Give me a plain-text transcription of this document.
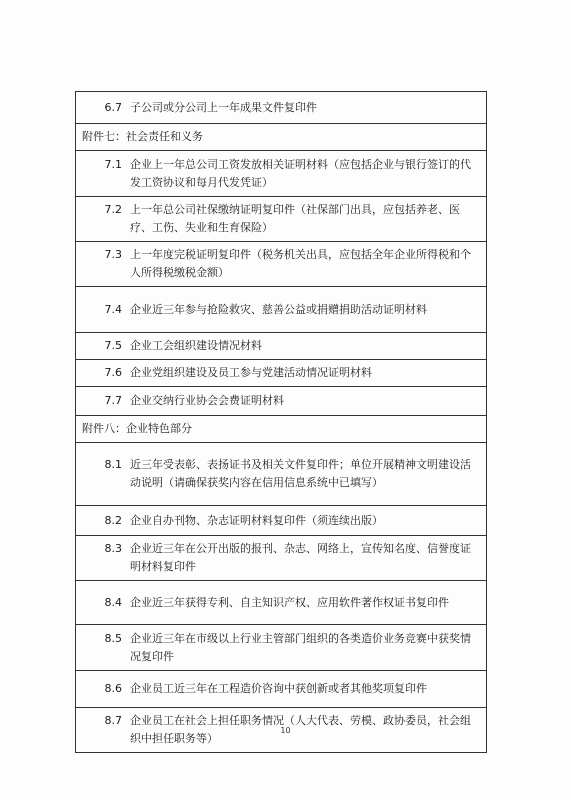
6.7 子公司或分公司上一年成果文件复印件

附件七：社会责任和义务

7.1 企业上一年总公司工资发放相关证明材料（应包括企业与银行签订的代发工资协议和每月代发凭证）

7.2 上一年总公司社保缴纳证明复印件（社保部门出具，应包括养老、医疗、工伤、失业和生育保险）

7.3 上一年度完税证明复印件（税务机关出具，应包括全年企业所得税和个人所得税缴税金额）

7.4 企业近三年参与抢险救灾、慈善公益或捐赠捐助活动证明材料

7.5 企业工会组织建设情况材料

7.6 企业党组织建设及员工参与党建活动情况证明材料

7.7 企业交纳行业协会会费证明材料

附件八：企业特色部分

8.1 近三年受表彰、表扬证书及相关文件复印件；单位开展精神文明建设活动说明（请确保获奖内容在信用信息系统中已填写）

8.2 企业自办刊物、杂志证明材料复印件（须连续出版）

8.3 企业近三年在公开出版的报刊、杂志、网络上，宣传知名度、信誉度证明材料复印件

8.4 企业近三年获得专利、自主知识产权、应用软件著作权证书复印件

8.5 企业近三年在市级以上行业主管部门组织的各类造价业务竞赛中获奖情况复印件

8.6 企业员工近三年在工程造价咨询中获创新或者其他奖项复印件

8.7 企业员工在社会上担任职务情况（人大代表、劳模、政协委员，社会组织中担任职务等）
10
